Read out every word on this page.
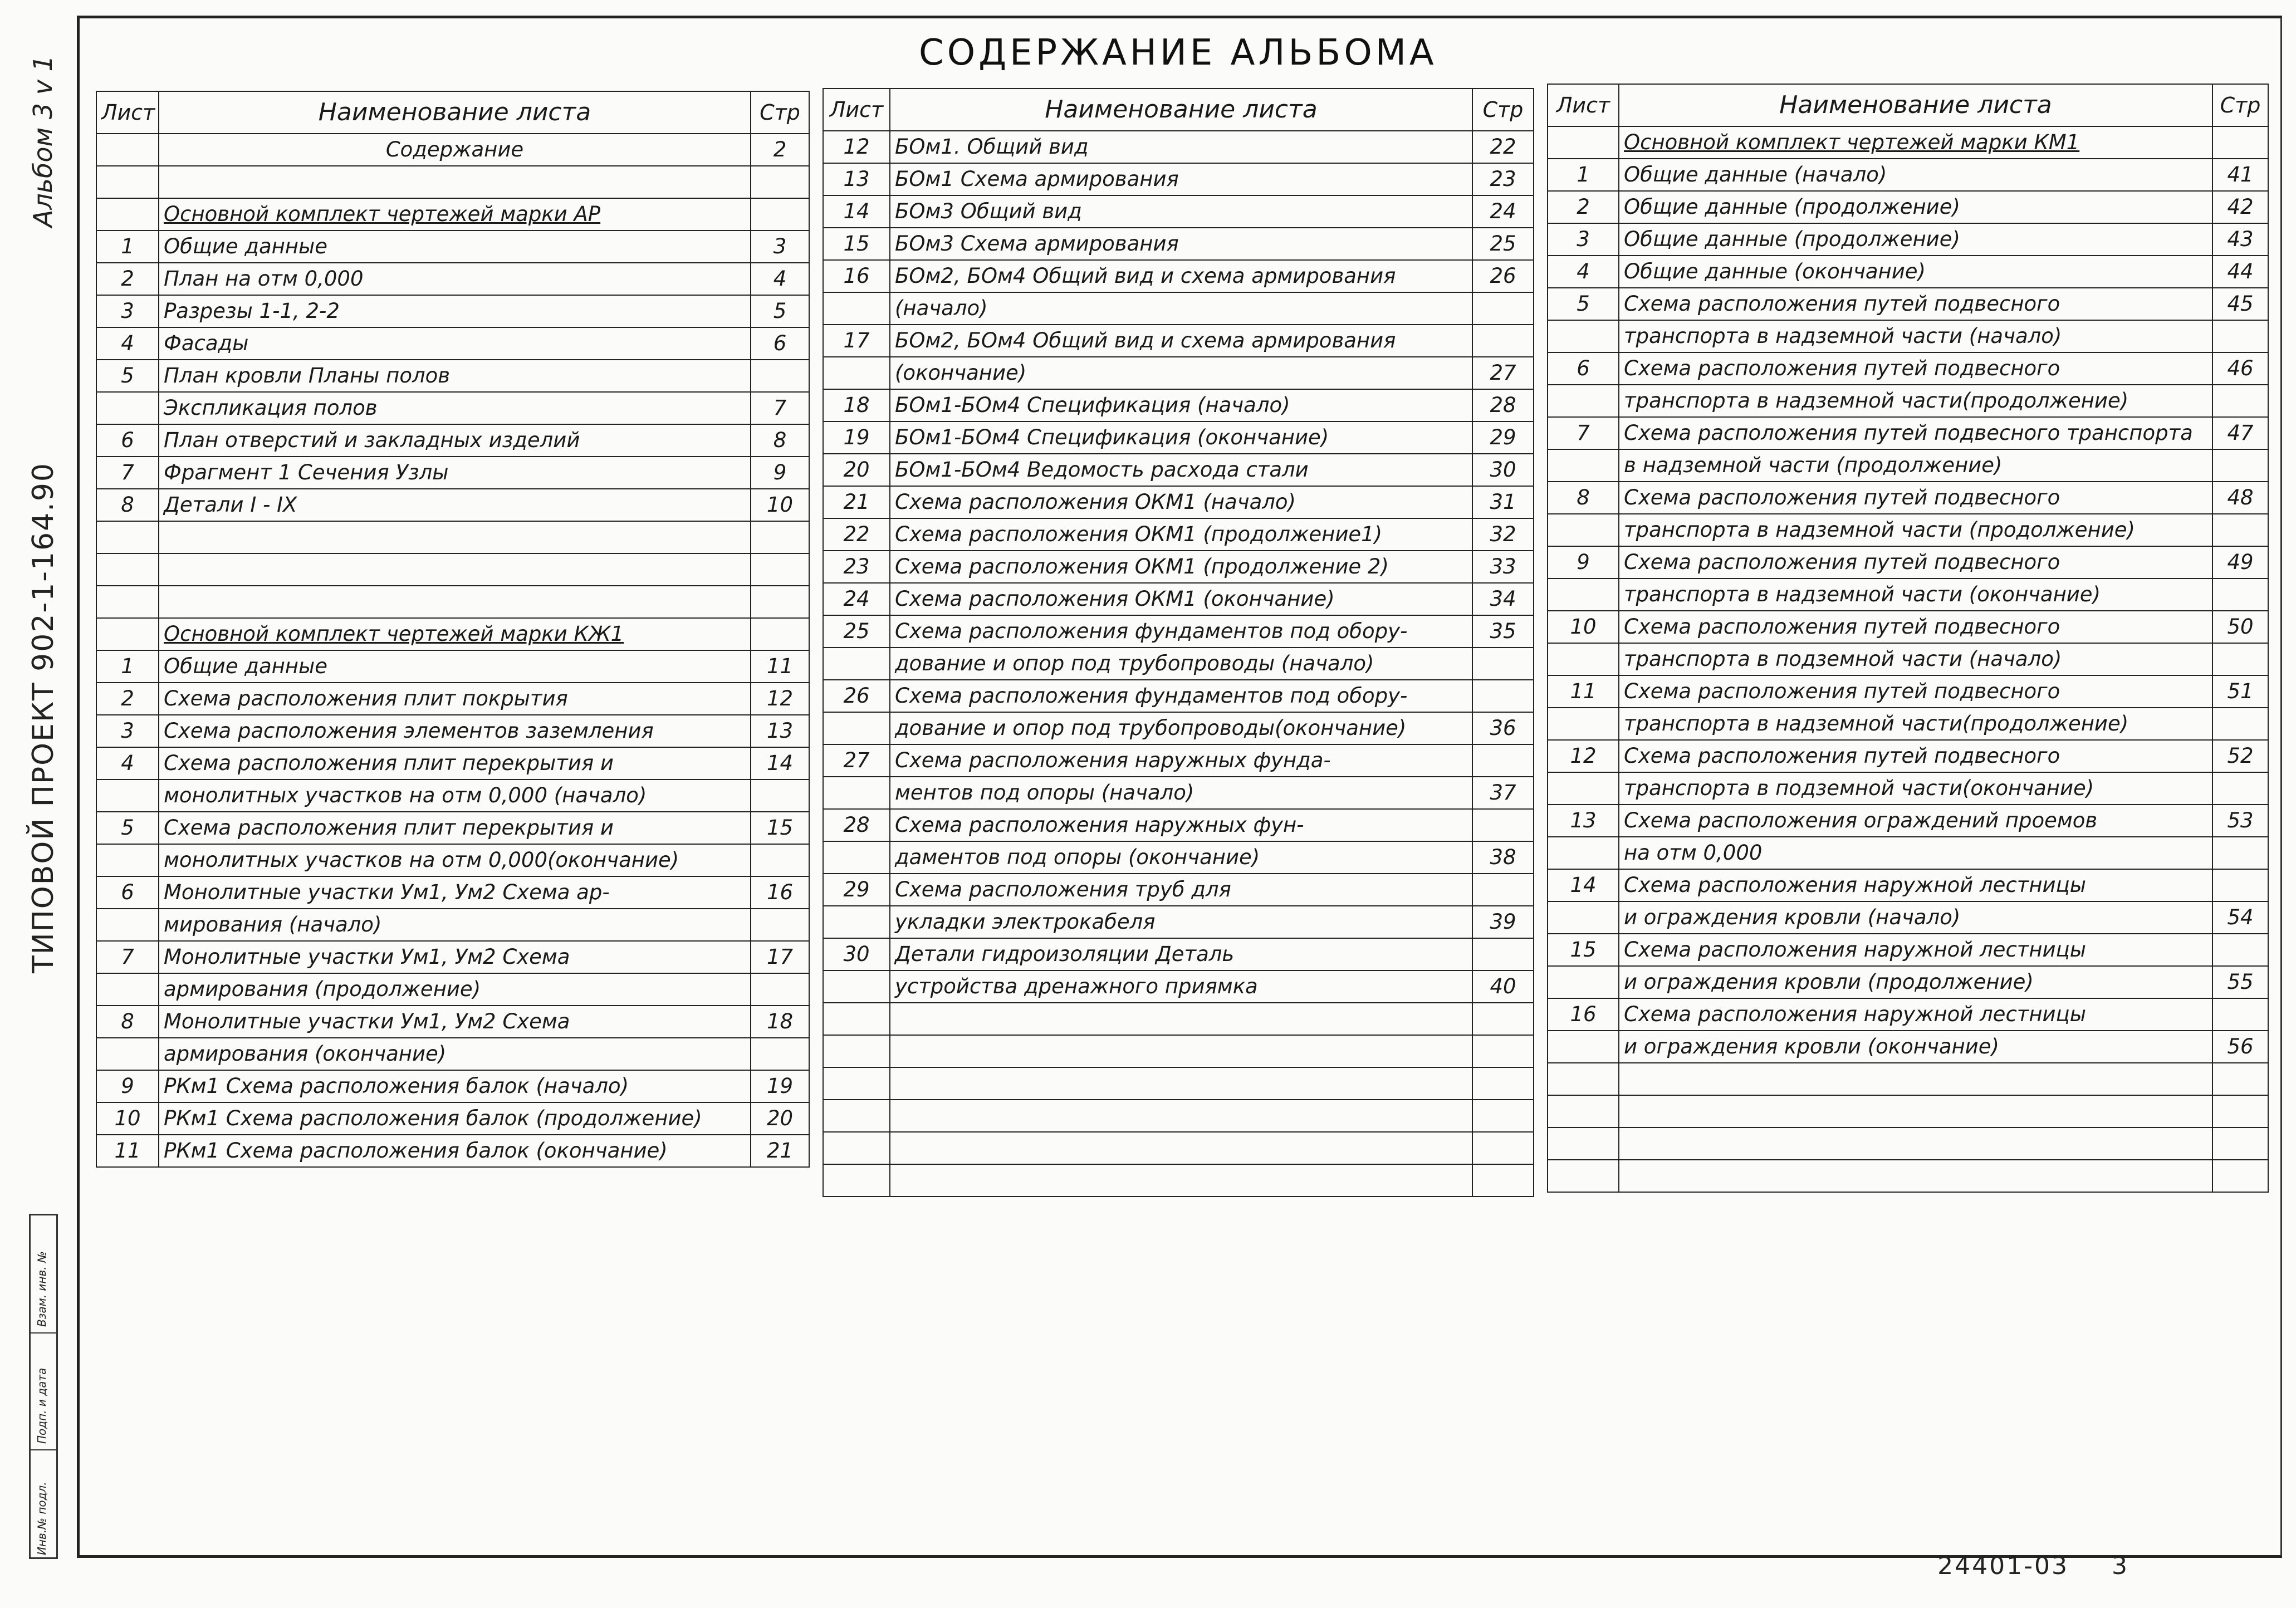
Альбом 3 v 1
ТИПОВОЙ ПРОЕКТ 902-1-164.90
Взам. инв. №
Подп. и дата
Инв.№ подл.
СОДЕРЖАНИЕ АЛЬБОМА
Лист	Наименование листа	Стр
	Содержание	2

	Основной комплект чертежей марки АР	
1	Общие данные	3
2	План на отм 0,000	4
3	Разрезы 1-1, 2-2	5
4	Фасады	6
5	План кровли Планы полов	
	Экспликация полов	7
6	План отверстий и закладных изделий	8
7	Фрагмент 1 Сечения Узлы	9
8	Детали I - IX	10

	Основной комплект чертежей марки КЖ1	
1	Общие данные	11
2	Схема расположения плит покрытия	12
3	Схема расположения элементов заземления	13
4	Схема расположения плит перекрытия и	14
	монолитных участков на отм 0,000 (начало)	
5	Схема расположения плит перекрытия и	15
	монолитных участков на отм 0,000(окончание)	
6	Монолитные участки Ум1, Ум2 Схема ар-	16
	мирования (начало)	
7	Монолитные участки Ум1, Ум2 Схема	17
	армирования (продолжение)	
8	Монолитные участки Ум1, Ум2 Схема	18
	армирования (окончание)	
9	РКм1 Схема расположения балок (начало)	19
10	РКм1 Схема расположения балок (продолжение)	20
11	РКм1 Схема расположения балок (окончание)	21
Лист	Наименование листа	Стр
12	БОм1. Общий вид	22
13	БОм1 Схема армирования	23
14	БОм3 Общий вид	24
15	БОм3 Схема армирования	25
16	БОм2, БОм4 Общий вид и схема армирования	26
	(начало)	
17	БОм2, БОм4 Общий вид и схема армирования	
	(окончание)	27
18	БОм1-БОм4 Спецификация (начало)	28
19	БОм1-БОм4 Спецификация (окончание)	29
20	БОм1-БОм4 Ведомость расхода стали	30
21	Схема расположения ОКМ1 (начало)	31
22	Схема расположения ОКМ1 (продолжение1)	32
23	Схема расположения ОКМ1 (продолжение 2)	33
24	Схема расположения ОКМ1 (окончание)	34
25	Схема расположения фундаментов под обору-	35
	дование и опор под трубопроводы (начало)	
26	Схема расположения фундаментов под обору-	
	дование и опор под трубопроводы(окончание)	36
27	Схема расположения наружных фунда-	
	ментов под опоры (начало)	37
28	Схема расположения наружных фун-	
	даментов под опоры (окончание)	38
29	Схема расположения труб для	
	укладки электрокабеля	39
30	Детали гидроизоляции Деталь	
	устройства дренажного приямка	40

Лист	Наименование листа	Стр
	Основной комплект чертежей марки КМ1	
1	Общие данные (начало)	41
2	Общие данные (продолжение)	42
3	Общие данные (продолжение)	43
4	Общие данные (окончание)	44
5	Схема расположения путей подвесного	45
	транспорта в надземной части (начало)	
6	Схема расположения путей подвесного	46
	транспорта в надземной части(продолжение)	
7	Схема расположения путей подвесного транспорта	47
	в надземной части (продолжение)	
8	Схема расположения путей подвесного	48
	транспорта в надземной части (продолжение)	
9	Схема расположения путей подвесного	49
	транспорта в надземной части (окончание)	
10	Схема расположения путей подвесного	50
	транспорта в подземной части (начало)	
11	Схема расположения путей подвесного	51
	транспорта в надземной части(продолжение)	
12	Схема расположения путей подвесного	52
	транспорта в подземной части(окончание)	
13	Схема расположения ограждений проемов	53
	на отм 0,000	
14	Схема расположения наружной лестницы	
	и ограждения кровли (начало)	54
15	Схема расположения наружной лестницы	
	и ограждения кровли (продолжение)	55
16	Схема расположения наружной лестницы	
	и ограждения кровли (окончание)	56

24401-03 3
